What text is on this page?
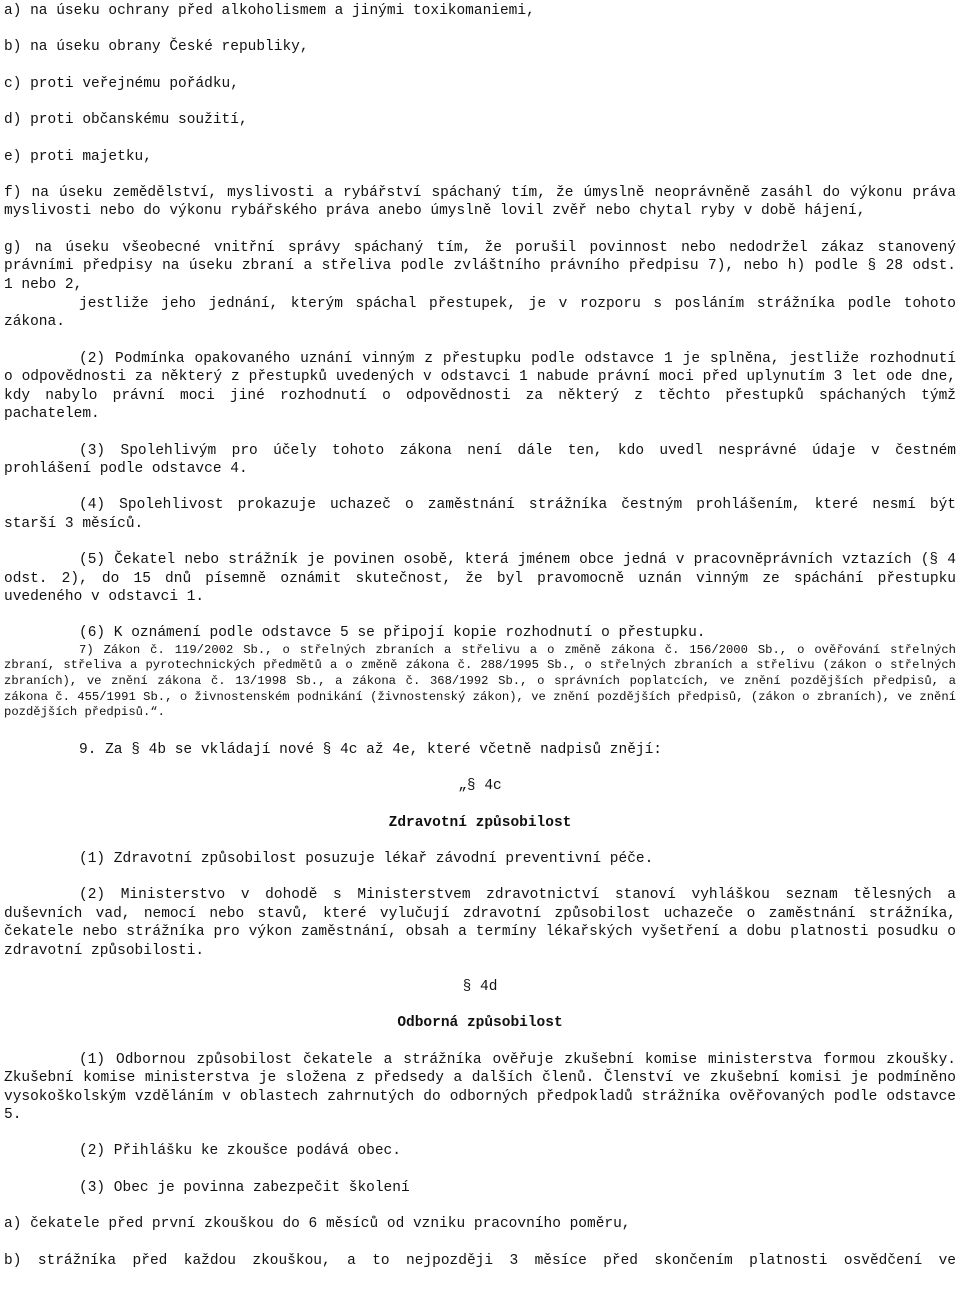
a) na úseku ochrany před alkoholismem a jinými toxikomaniemi,

b) na úseku obrany České republiky,

c) proti veřejnému pořádku,

d) proti občanskému soužití,

e) proti majetku,

f) na úseku zemědělství, myslivosti a rybářství spáchaný tím, že úmyslně neoprávněně zasáhl do výkonu práva myslivosti nebo do výkonu rybářského práva anebo úmyslně lovil zvěř nebo chytal ryby v době hájení,

g) na úseku všeobecné vnitřní správy spáchaný tím, že porušil povinnost nebo nedodržel zákaz stanovený právními předpisy na úseku zbraní a střeliva podle zvláštního právního předpisu 7), nebo h) podle § 28 odst. 1 nebo 2,

jestliže jeho jednání, kterým spáchal přestupek, je v rozporu s posláním strážníka podle tohoto zákona.

(2) Podmínka opakovaného uznání vinným z přestupku podle odstavce 1 je splněna, jestliže rozhodnutí o odpovědnosti za některý z přestupků uvedených v odstavci 1 nabude právní moci před uplynutím 3 let ode dne, kdy nabylo právní moci jiné rozhodnutí o odpovědnosti za některý z těchto přestupků spáchaných týmž pachatelem.

(3) Spolehlivým pro účely tohoto zákona není dále ten, kdo uvedl nesprávné údaje v čestném prohlášení podle odstavce 4.

(4) Spolehlivost prokazuje uchazeč o zaměstnání strážníka čestným prohlášením, které nesmí být starší 3 měsíců.

(5) Čekatel nebo strážník je povinen osobě, která jménem obce jedná v pracovněprávních vztazích (§ 4 odst. 2), do 15 dnů písemně oznámit skutečnost, že byl pravomocně uznán vinným ze spáchání přestupku uvedeného v odstavci 1.

(6) K oznámení podle odstavce 5 se připojí kopie rozhodnutí o přestupku.

7) Zákon č. 119/2002 Sb., o střelných zbraních a střelivu a o změně zákona č. 156/2000 Sb., o ověřování střelných zbraní, střeliva a pyrotechnických předmětů a o změně zákona č. 288/1995 Sb., o střelných zbraních a střelivu (zákon o střelných zbraních), ve znění zákona č. 13/1998 Sb., a zákona č. 368/1992 Sb., o správních poplatcích, ve znění pozdějších předpisů, a zákona č. 455/1991 Sb., o živnostenském podnikání (živnostenský zákon), ve znění pozdějších předpisů, (zákon o zbraních), ve znění pozdějších předpisů.“.

9. Za § 4b se vkládají nové § 4c až 4e, které včetně nadpisů znějí:

„§ 4c

Zdravotní způsobilost

(1) Zdravotní způsobilost posuzuje lékař závodní preventivní péče.

(2) Ministerstvo v dohodě s Ministerstvem zdravotnictví stanoví vyhláškou seznam tělesných a duševních vad, nemocí nebo stavů, které vylučují zdravotní způsobilost uchazeče o zaměstnání strážníka, čekatele nebo strážníka pro výkon zaměstnání, obsah a termíny lékařských vyšetření a dobu platnosti posudku o zdravotní způsobilosti.

§ 4d

Odborná způsobilost

(1) Odbornou způsobilost čekatele a strážníka ověřuje zkušební komise ministerstva formou zkoušky. Zkušební komise ministerstva je složena z předsedy a dalších členů. Členství ve zkušební komisi je podmíněno vysokoškolským vzděláním v oblastech zahrnutých do odborných předpokladů strážníka ověřovaných podle odstavce 5.

(2) Přihlášku ke zkoušce podává obec.

(3) Obec je povinna zabezpečit školení

a) čekatele před první zkouškou do 6 měsíců od vzniku pracovního poměru,

b) strážníka před každou zkouškou, a to nejpozději 3 měsíce před skončením platnosti osvědčení ve
